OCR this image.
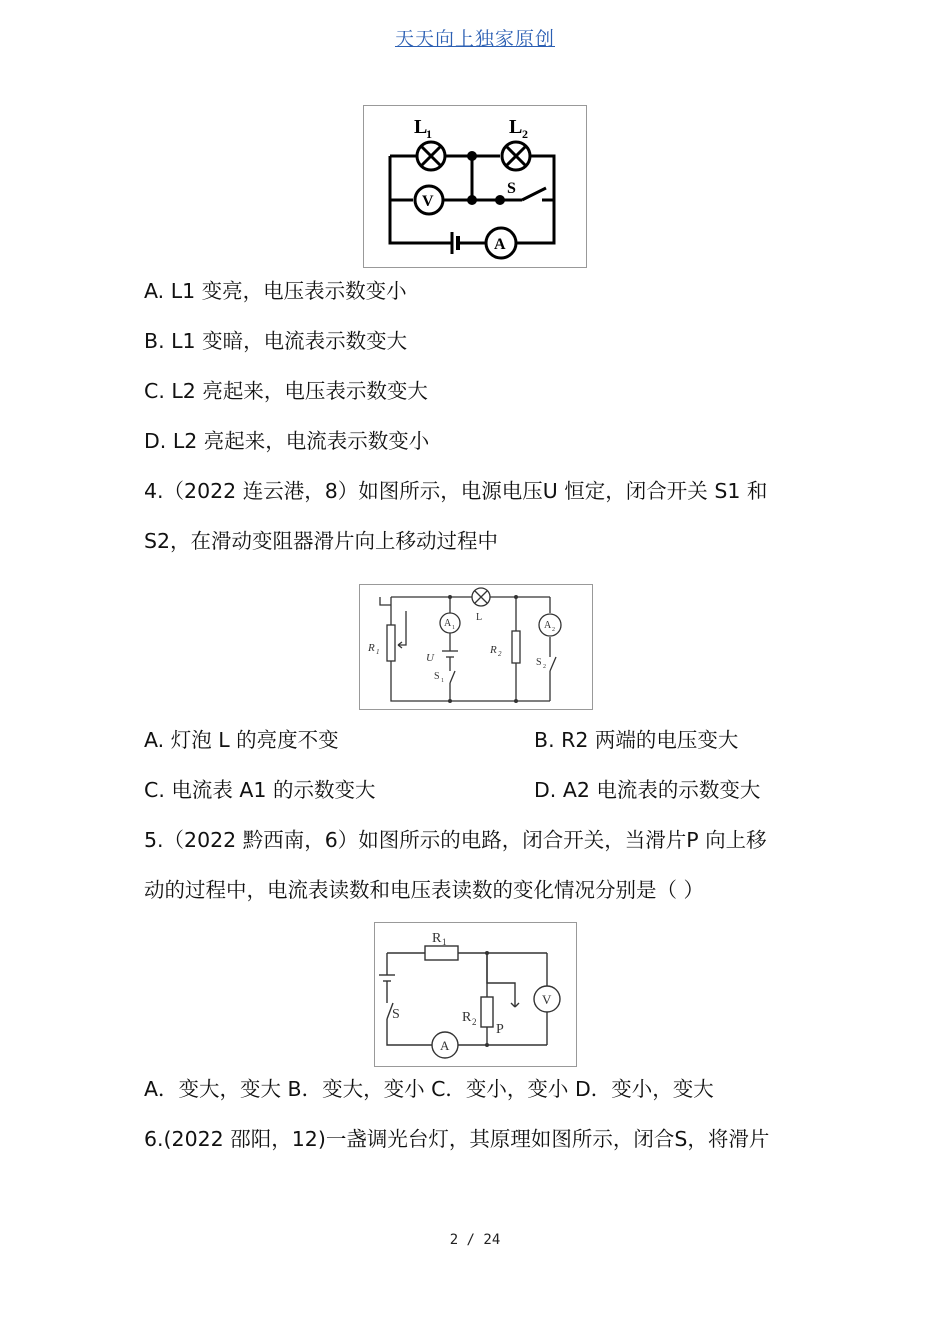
天天向上独家原创
L
1	L 2
V
S
A
A. L1 变亮，电压表示数变小
B. L1 变暗，电流表示数变大
C. L2 亮起来，电压表示数变大
D. L2 亮起来，电流表示数变小
4.（2022 连云港，8）如图所示，电源电压U 恒定，闭合开关 S1 和
S2，在滑动变阻器滑片向上移动过程中
R 1	U
R 2
A 1	A 2
L
S 1
S 2
A. 灯泡 L 的亮度不变	B. R2 两端的电压变大
C. 电流表 A1 的示数变大	D. A2 电流表的示数变大
5.（2022 黔西南，6）如图所示的电路，闭合开关，当滑片P 向上移
动的过程中，电流表读数和电压表读数的变化情况分别是（ ）
R 1
S	R 2 P
V
A
A．变大，变大 B．变大，变小 C．变小，变小 D．变小，变大
6.(2022 邵阳，12)一盏调光台灯，其原理如图所示，闭合S，将滑片
2 / 24
